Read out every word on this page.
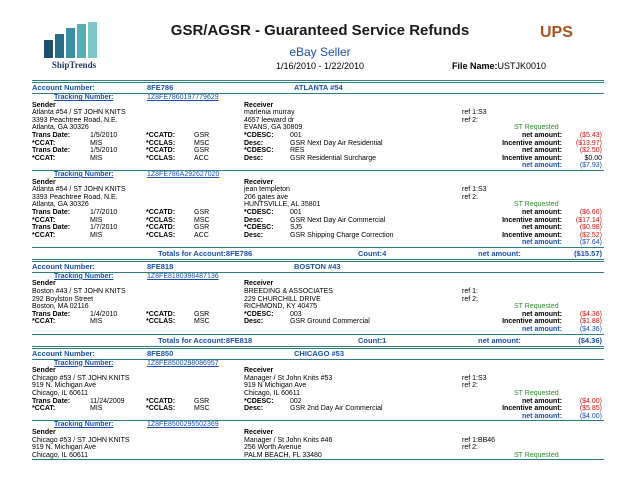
ShipTrends
GSR/AGSR - Guaranteed Service Refunds	UPS
eBay Seller
1/16/2010 - 1/22/2010	File Name:USTJK0010
Account Number:	8FE786	ATLANTA #54
Tracking Number:	1Z8FE7860197779629
Sender	Receiver
Atlanta #54 / ST JOHN KNITS	marlenia murray	ref 1:S3
3393 Peachtree Road, N.E.	4657 leeward dr	ref 2:
Atlanta, GA 30326	EVANS, GA 30809	ST Requested
Trans Date:	1/5/2010	*CCATD:	GSR	*CDESC: 001	net amount:	($5.43)
*CCAT:	MIS	*CCLAS:	MSC	Desc:	GSR Next Day Air Residential	Incentive amount:	($13.97)
Trans Date:	1/5/2010	*CCATD:	GSR	*CDESC: RES	net amount:	($2.50)
*CCAT:	MIS	*CCLAS:	ACC	Desc:	GSR Residential Surcharge	Incentive amount:	$0.00
net amount:	($7.93)
Tracking Number:	1Z8FE786A292627020
Sender	Receiver
Atlanta #54 / ST JOHN KNITS	jean templeton	ref 1:S3
3393 Peachtree Road, N.E.	206 gates ave	ref 2:
Atlanta, GA 30326	HUNTSVILLE, AL 35801	ST Requested
Trans Date:	1/7/2010	*CCATD:	GSR	*CDESC: 001	net amount:	($6.66)
*CCAT:	MIS	*CCLAS:	MSC	Desc:	GSR Next Day Air Commercial	Incentive amount:	($17.14)
Trans Date:	1/7/2010	*CCATD:	GSR	*CDESC: SJ5	net amount:	($0.98)
*CCAT:	MIS	*CCLAS:	ACC	Desc:	GSR Shipping Charge Correction	Incentive amount:	($2.52)
net amount:	($7.64)
Totals for Account:8FE786	Count:4	net amount:	($15.57)
Account Number:	8FE818	BOSTON #43
Tracking Number:	1Z8FE8180398487136
Sender	Receiver
Boston #43 / ST JOHN KNITS	BREEDING & ASSOCIATES	ref 1:
292 Boylston Street	229 CHURCHILL DRIVE	ref 2:
Boston, MA 02116	RICHMOND, KY 40475	ST Requested
Trans Date:	1/4/2010	*CCATD:	GSR	*CDESC: 003	net amount:	($4.36)
*CCAT:	MIS	*CCLAS:	MSC	Desc:	GSR Ground Commercial	Incentive amount:	($1.88)
net amount:	($4.36)
Totals for Account:8FE818	Count:1	net amount:	($4.36)
Account Number:	8FE850	CHICAGO #53
Tracking Number:	1Z8FE8500298086957
Sender	Receiver
Chicago #53 / ST JOHN KNITS	Manager / St John Knits #53	ref 1:S3
919 N. Michigan Ave	919 N Michigan Ave	ref 2:
Chicago, IL 60611	Chicago, IL 60611	ST Requested
Trans Date:	11/24/2009	*CCATD:	GSR	*CDESC: 002	net amount:	($4.00)
*CCAT:	MIS	*CCLAS:	MSC	Desc:	GSR 2nd Day Air Commercial	Incentive amount:	($5.85)
net amount:	($4.00)
Tracking Number:	1Z8FE8500295502369
Sender	Receiver
Chicago #53 / ST JOHN KNITS	Manager / St John Knits #46	ref 1:BB46
919 N. Michigan Ave	256 Worth Avenue	ref 2:
Chicago, IL 60611	PALM BEACH, FL 33480	ST Requested
